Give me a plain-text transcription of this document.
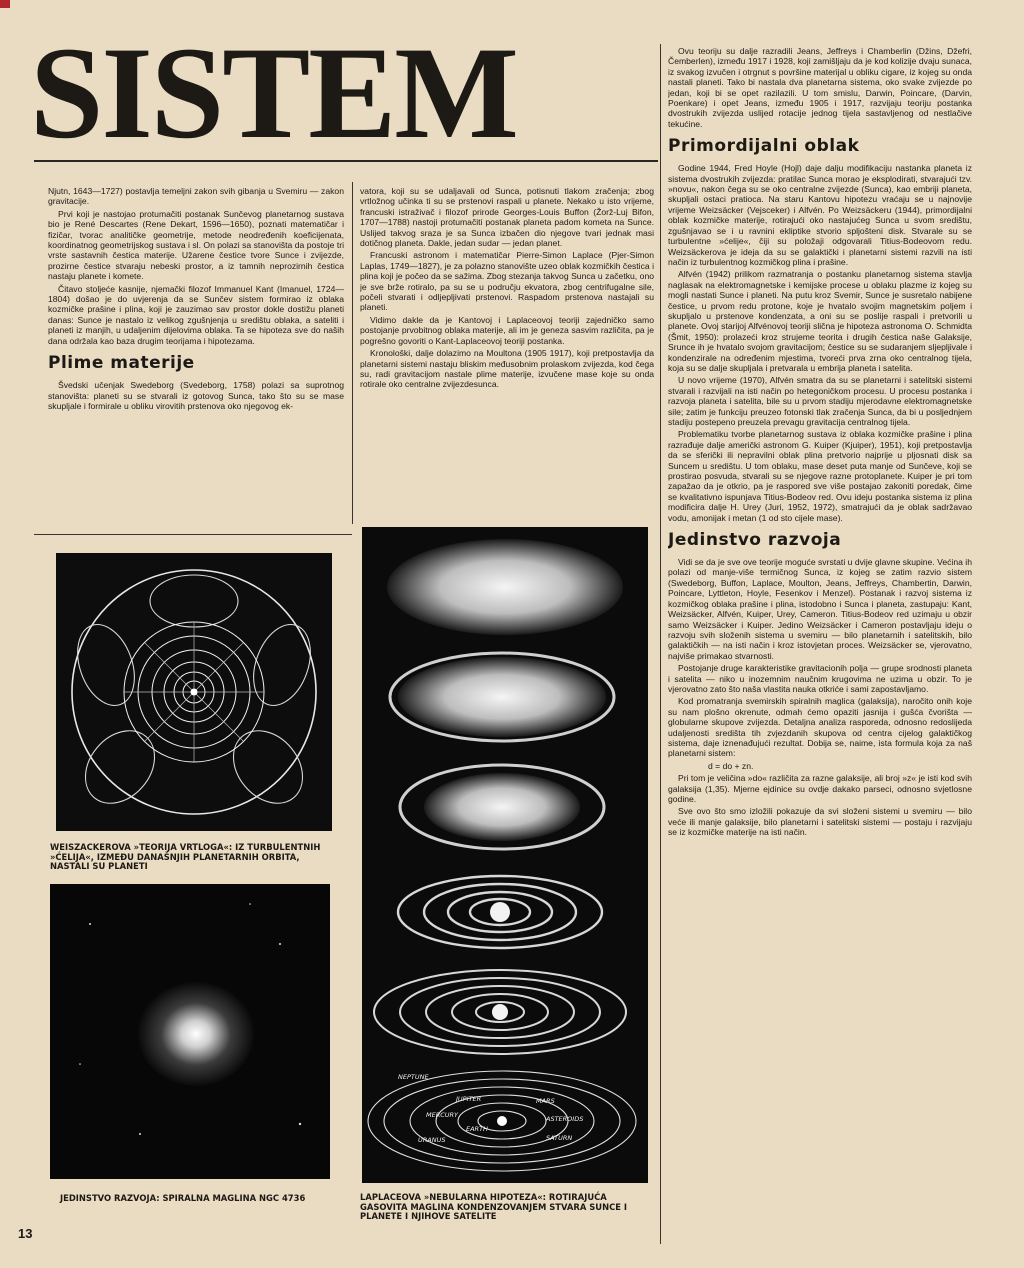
SISTEM

Njutn, 1643—1727) postavlja temeljni zakon svih gibanja u Svemiru — zakon gravitacije.

Prvi koji je nastojao protumačiti postanak Sunčevog planetarnog sustava bio je René Descartes (Rene Dekart, 1596—1650), poznati matematičar i fizičar, tvorac analitičke geometrije, metode neodređenih koeficijenata, koordinatnog geometrijskog sustava i sl. On polazi sa stanovišta da postoje tri vrste sastavnih čestica materije. Užarene čestice tvore Sunce i zvijezde, prozirne čestice stvaraju nebeski prostor, a iz tamnih neprozirnih čestica nastaju planete i komete.

Čitavo stoljeće kasnije, njemački filozof Immanuel Kant (Imanuel, 1724—1804) došao je do uvjerenja da se Sunčev sistem formirao iz oblaka kozmičke prašine i plina, koji je zauzimao sav prostor dokle dostižu planeti danas: Sunce je nastalo iz velikog zgušnjenja u središtu oblaka, a sateliti i planeti iz manjih, u udaljenim dijelovima oblaka. Ta se hipoteza sve do naših dana održala kao baza drugim teorijama i hipotezama.

Plime materije

Švedski učenjak Swedeborg (Svedeborg, 1758) polazi sa suprotnog stanovišta: planeti su se stvarali iz gotovog Sunca, tako što su se mase skupljale i formirale u obliku virovitih prstenova oko njegovog ek-

vatora, koji su se udaljavali od Sunca, potisnuti tlakom zračenja; zbog vrtložnog učinka ti su se prstenovi raspali u planete. Nekako u isto vrijeme, francuski istraživač i filozof prirode Georges-Louis Buffon (Žorž-Luj Bifon, 1707—1788) nastoji protumačiti postanak planeta padom kometa na Sunce. Uslijed takvog sraza je sa Sunca izbačen dio njegove tvari jednak masi dotičnog planeta. Dakle, jedan sudar — jedan planet.

Francuski astronom i matematičar Pierre-Simon Laplace (Pjer-Simon Laplas, 1749—1827), je za polazno stanovište uzeo oblak kozmičkih čestica i plina koji je počeo da se sažima. Zbog stezanja takvog Sunca u začetku, ono je sve brže rotiralo, pa su se u području ekvatora, zbog centrifugalne sile, počeli stvarati i odljepljivati prstenovi. Raspadom prstenova nastajali su planeti.

Vidimo dakle da je Kantovoj i Laplaceovoj teoriji zajedničko samo postojanje prvobitnog oblaka materije, ali im je geneza sasvim različita, pa je pogrešno govoriti o Kant-Laplaceovoj teoriji postanka.

Kronološki, dalje dolazimo na Moultona (1905 1917), koji pretpostavlja da planetarni sistemi nastaju bliskim međusobnim prolaskom zvijezda, kod čega su, radi gravitacijom nastale plime materije, izvučene mase koje su onda rotirale oko centralne zvijezdesunca.

Ovu teoriju su dalje razradili Jeans, Jeffreys i Chamberlin (Džins, Džefri, Čemberlen), između 1917 i 1928, koji zamišljaju da je kod kolizije dvaju sunaca, iz svakog izvučen i otrgnut s površine materijal u obliku cigare, iz kojeg su onda nastali planeti. Tako bi nastala dva planetarna sistema, oko svake zvijezde po jedan, koji bi se opet razilazili. U tom smislu, Darwin, Poincare, (Darvin, Poenkare) i opet Jeans, između 1905 i 1917, razvijaju teoriju postanka dvostrukih zvijezda uslijed rotacije jednog tijela sastavljenog od nestlačive tekućine.

Primordijalni oblak

Godine 1944, Fred Hoyle (Hojl) daje dalju modifikaciju nastanka planeta iz sistema dvostrukih zvijezda: pratilac Sunca morao je eksplodirati, stvarajući tzv. »novu«, nakon čega su se oko centralne zvijezde (Sunca), kao embriji planeta, skupljali ostaci pratioca. Na staru Kantovu hipotezu vraćaju se u najnovije vrijeme Weizsäcker (Vejsceker) i Alfvén. Po Weizsäckeru (1944), primordijalni oblak kozmičke materije, rotirajući oko nastajućeg Sunca u svom središtu, zgušnjavao se i u ravnini ekliptike stvorio spljošteni disk. Stvarale su se turbulentne »ćelije«, čiji su položaji odgovarali Titius-Bodeovom redu. Weizsäckerova je ideja da su se galaktički i planetarni sistemi razvili na isti način iz turbulentnog kozmičkog plina i prašine.

Alfvén (1942) prilikom razmatranja o postanku planetarnog sistema stavlja naglasak na elektromagnetske i kemijske procese u oblaku plazme iz kojeg su mogli nastati Sunce i planeti. Na putu kroz Svemir, Sunce je susretalo nabijene čestice, u prvom redu protone, koje je hvatalo svojim magnetskim poljem i skupljalo u prstenove kondenzata, a oni su se poslije raspali i pretvorili u planete. Ovoj starijoj Alfvénovoj teoriji slična je hipoteza astronoma O. Schmidta (Šmit, 1950): prolazeći kroz strujeme teorita i drugih čestica naše Galaksije, Srunce ih je hvatalo svojom gravitacijom; čestice su se sudaranjem sljepljivale i kondenzirale na određenim mjestima, tvoreći prva zrna oko centralnog tijela, koja su se dalje skupljala i pretvarala u embrija planeta i satelita.

U novo vrijeme (1970), Alfvén smatra da su se planetarni i satelitski sistemi stvarali i razvijali na isti način po hetegoničkom procesu. U procesu postanka i razvoja planeta i satelita, bile su u prvom stadiju mjerodavne elektromagnetske sile; zatim je funkciju preuzeo fotonski tlak zračenja Sunca, da bi u posljednjem stadiju postepeno preuzela prevagu gravitacija centralnog tijela.

Problematiku tvorbe planetarnog sustava iz oblaka kozmičke prašine i plina razrađuje dalje američki astronom G. Kuiper (Kjuiper), 1951), koji pretpostavlja da se sferički ili nepravilni oblak plina pretvorio najprije u pljosnati disk sa Suncem u središtu. U tom oblaku, mase deset puta manje od Sunčeve, koji se prostirao posvuda, stvarali su se njegove razne protoplanete. Kuiper je pri tom zapažao da je otkrio, pa je raspored sve više postajao zakoniti poredak, čime se kvalitativno ispunjava Titius-Bodeov red. Ovu ideju postanka sistema iz plina modificira dalje H. Urey (Juri, 1952, 1972), smatrajući da je oblak sadržavao vodu, amonijak i metan (1 od sto cijele mase).

Jedinstvo razvoja

Vidi se da je sve ove teorije moguće svrstati u dvije glavne skupine. Većina ih polazi od manje-više termičnog Sunca, iz kojeg se zatim razvio sistem (Swedeborg, Buffon, Laplace, Moulton, Jeans, Jeffreys, Chambertin, Darwin, Poincare, Lyttleton, Hoyle, Fesenkov i Menzel). Postanak i razvoj sistema iz kozmičkog oblaka prašine i plina, istodobno i Sunca i planeta, zastupaju: Kant, Weizsäcker, Alfvén, Kuiper, Urey, Cameron. Titius-Bodeov red uzimaju u obzir samo Weizsäcker i Kuiper. Jedino Weizsäcker i Cameron postavljaju ideju o razvoju svih složenih sistema u svemiru — bilo planetarnih i satelitskih, bilo galaktičkih — na isti način i kroz istovjetan proces. Weizsäcker se, vjerovatno, najviše primakao stvarnosti.

Postojanje druge karakteristike gravitacionih polja — grupe srodnosti planeta i satelita — niko u inozemnim naučnim krugovima ne uzima u obzir. To je vjerovatno zato što naša vlastita nauka otkriće i sami zapostavljamo.

Kod promatranja svemirskih spiralnih maglica (galaksija), naročito onih koje su nam plošno okrenute, odmah ćemo opaziti jasnija i gušća čvorišta — globularne skupove zvijezda. Detaljna analiza rasporeda, odnosno redoslijeda udaljenosti središta tih zvjezdanih skupova od centra cijelog galaktičkog sistema, daje iznenađujući rezultat. Dobija se, naime, ista formula koja za naš planetarni sistem:

d = do + zn.

Pri tom je veličina »do« različita za razne galaksije, ali broj »z« je isti kod svih galaksija (1,35). Mjerne ejdinice su ovdje dakako parseci, odnosno svjetlosne godine.

Sve ovo što smo izložili pokazuje da svi složeni sistemi u svemiru — bilo veće ili manje galaksije, bilo planetarni i satelitski sistemi — postaju i razvijaju se iz kozmičke materije na isti način.

WEISZACKEROVA »TEORIJA VRTLOGA«: IZ TURBULENTNIH »ĆELIJA«, IZMEĐU DANAŠNJIH PLANETARNIH ORBITA, NASTALI SU PLANETI
JEDINSTVO RAZVOJA: SPIRALNA MAGLINA NGC 4736
NEPTUNE
JUPITER	MARS
MERCURY
EARTH
ASTEROIDS
SATURN
URANUS
LAPLACEOVA »NEBULARNA HIPOTEZA«: ROTIRAJUĆA GASOVITA MAGLINA KONDENZOVANJEM STVARA SUNCE I PLANETE I NJIHOVE SATELITE
13
